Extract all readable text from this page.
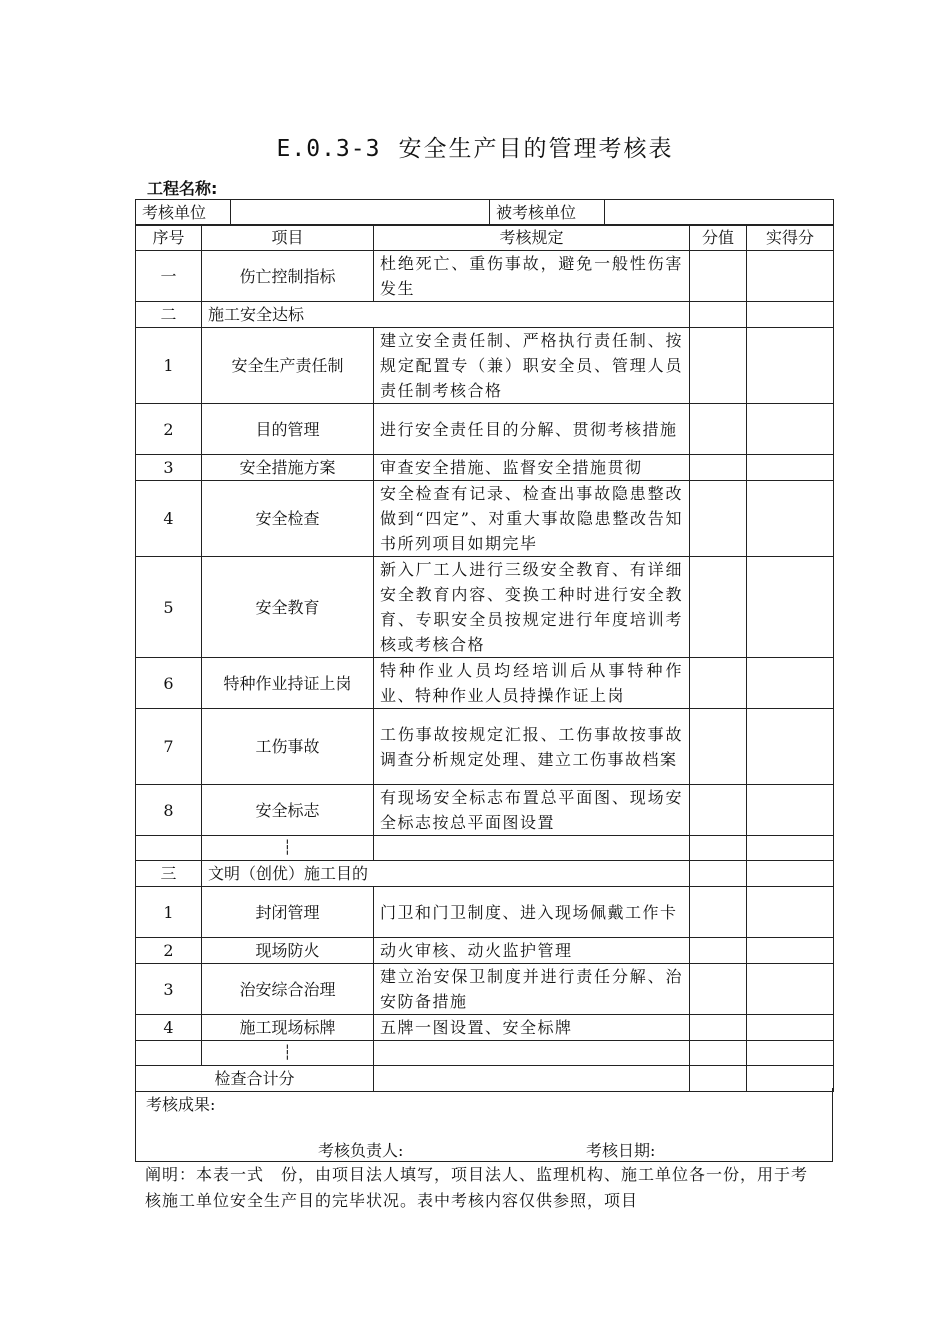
E.0.3-3 安全生产目的管理考核表
工程名称:
考核单位		被考核单位	
序号	项目	考核规定	分值	实得分
一	伤亡控制指标	杜绝死亡、重伤事故，避免一般性伤害发生		
二	施工安全达标			
1	安全生产责任制	建立安全责任制、严格执行责任制、按规定配置专（兼）职安全员、管理人员责任制考核合格		
2	目的管理	进行安全责任目的分解、贯彻考核措施		
3	安全措施方案	审查安全措施、监督安全措施贯彻		
4	安全检查	安全检查有记录、检查出事故隐患整改做到“四定”、对重大事故隐患整改告知书所列项目如期完毕		
5	安全教育	新入厂工人进行三级安全教育、有详细安全教育内容、变换工种时进行安全教育、专职安全员按规定进行年度培训考核或考核合格		
6	特种作业持证上岗	特种作业人员均经培训后从事特种作业、特种作业人员持操作证上岗		
7	工伤事故	工伤事故按规定汇报、工伤事故按事故调查分析规定处理、建立工伤事故档案		
8	安全标志	有现场安全标志布置总平面图、现场安全标志按总平面图设置		
	┆			
三	文明（创优）施工目的			
1	封闭管理	门卫和门卫制度、进入现场佩戴工作卡		
2	现场防火	动火审核、动火监护管理		
3	治安综合治理	建立治安保卫制度并进行责任分解、治安防备措施		
4	施工现场标牌	五牌一图设置、安全标牌		
	┆			
检查合计分				
考核成果:
考核负责人:	考核日期:
阐明：本表一式　份，由项目法人填写，项目法人、监理机构、施工单位各一份，用于考核施工单位安全生产目的完毕状况。表中考核内容仅供参照，项目
